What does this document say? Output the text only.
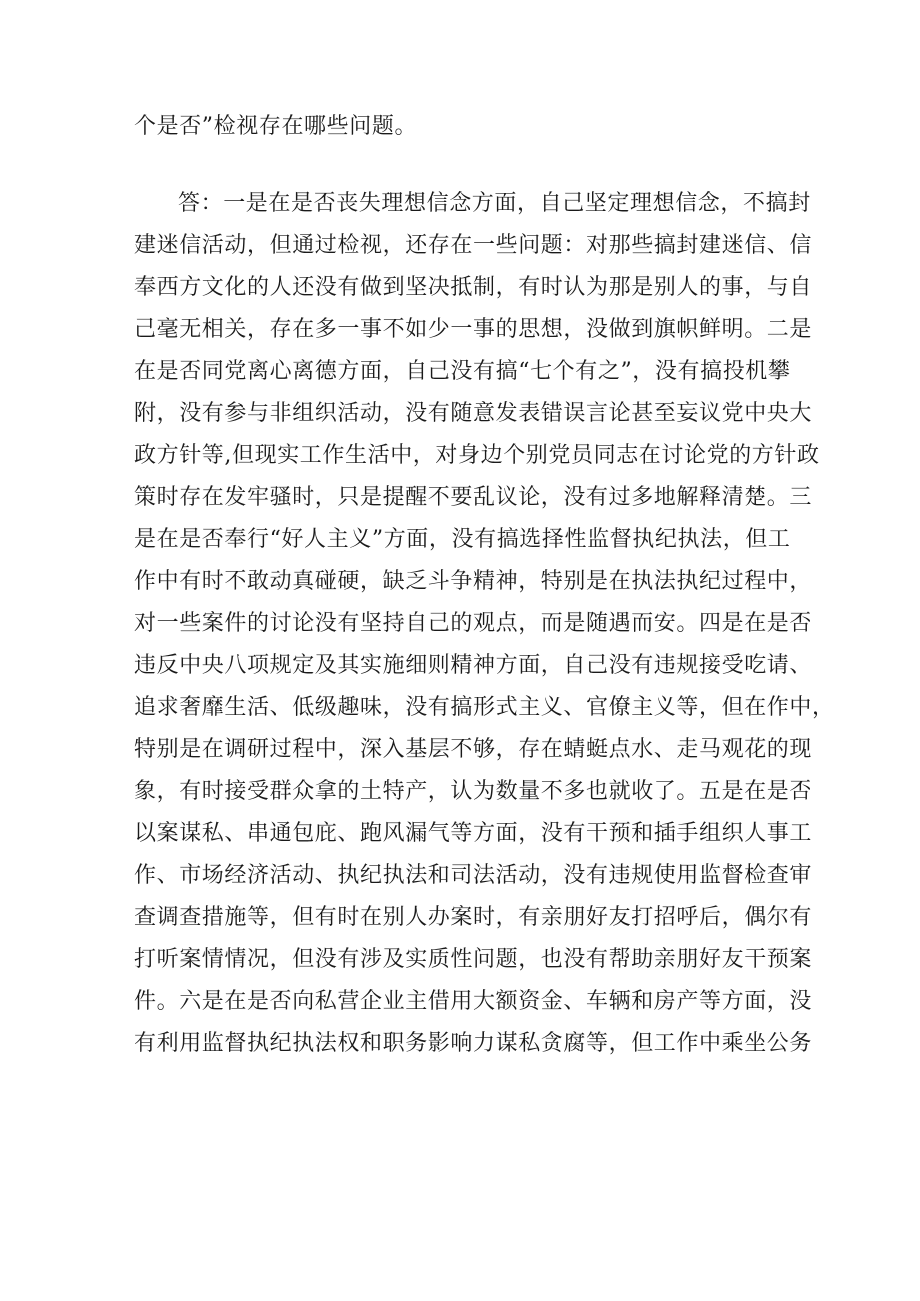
个是否”检视存在哪些问题。
答：一是在是否丧失理想信念方面，自己坚定理想信念，不搞封
建迷信活动，但通过检视，还存在一些问题：对那些搞封建迷信、信
奉西方文化的人还没有做到坚决抵制，有时认为那是别人的事，与自
己毫无相关，存在多一事不如少一事的思想，没做到旗帜鲜明。二是
在是否同党离心离德方面，自己没有搞“七个有之”，没有搞投机攀
附，没有参与非组织活动，没有随意发表错误言论甚至妄议党中央大
政方针等,但现实工作生活中，对身边个别党员同志在讨论党的方针政
策时存在发牢骚时，只是提醒不要乱议论，没有过多地解释清楚。三
是在是否奉行“好人主义”方面，没有搞选择性监督执纪执法，但工
作中有时不敢动真碰硬，缺乏斗争精神，特别是在执法执纪过程中，
对一些案件的讨论没有坚持自己的观点，而是随遇而安。四是在是否
违反中央八项规定及其实施细则精神方面，自己没有违规接受吃请、
追求奢靡生活、低级趣味，没有搞形式主义、官僚主义等，但在作中，
特别是在调研过程中，深入基层不够，存在蜻蜓点水、走马观花的现
象，有时接受群众拿的土特产，认为数量不多也就收了。五是在是否
以案谋私、串通包庇、跑风漏气等方面，没有干预和插手组织人事工
作、市场经济活动、执纪执法和司法活动，没有违规使用监督检查审
查调查措施等，但有时在别人办案时，有亲朋好友打招呼后，偶尔有
打听案情情况，但没有涉及实质性问题，也没有帮助亲朋好友干预案
件。六是在是否向私营企业主借用大额资金、车辆和房产等方面，没
有利用监督执纪执法权和职务影响力谋私贪腐等，但工作中乘坐公务
